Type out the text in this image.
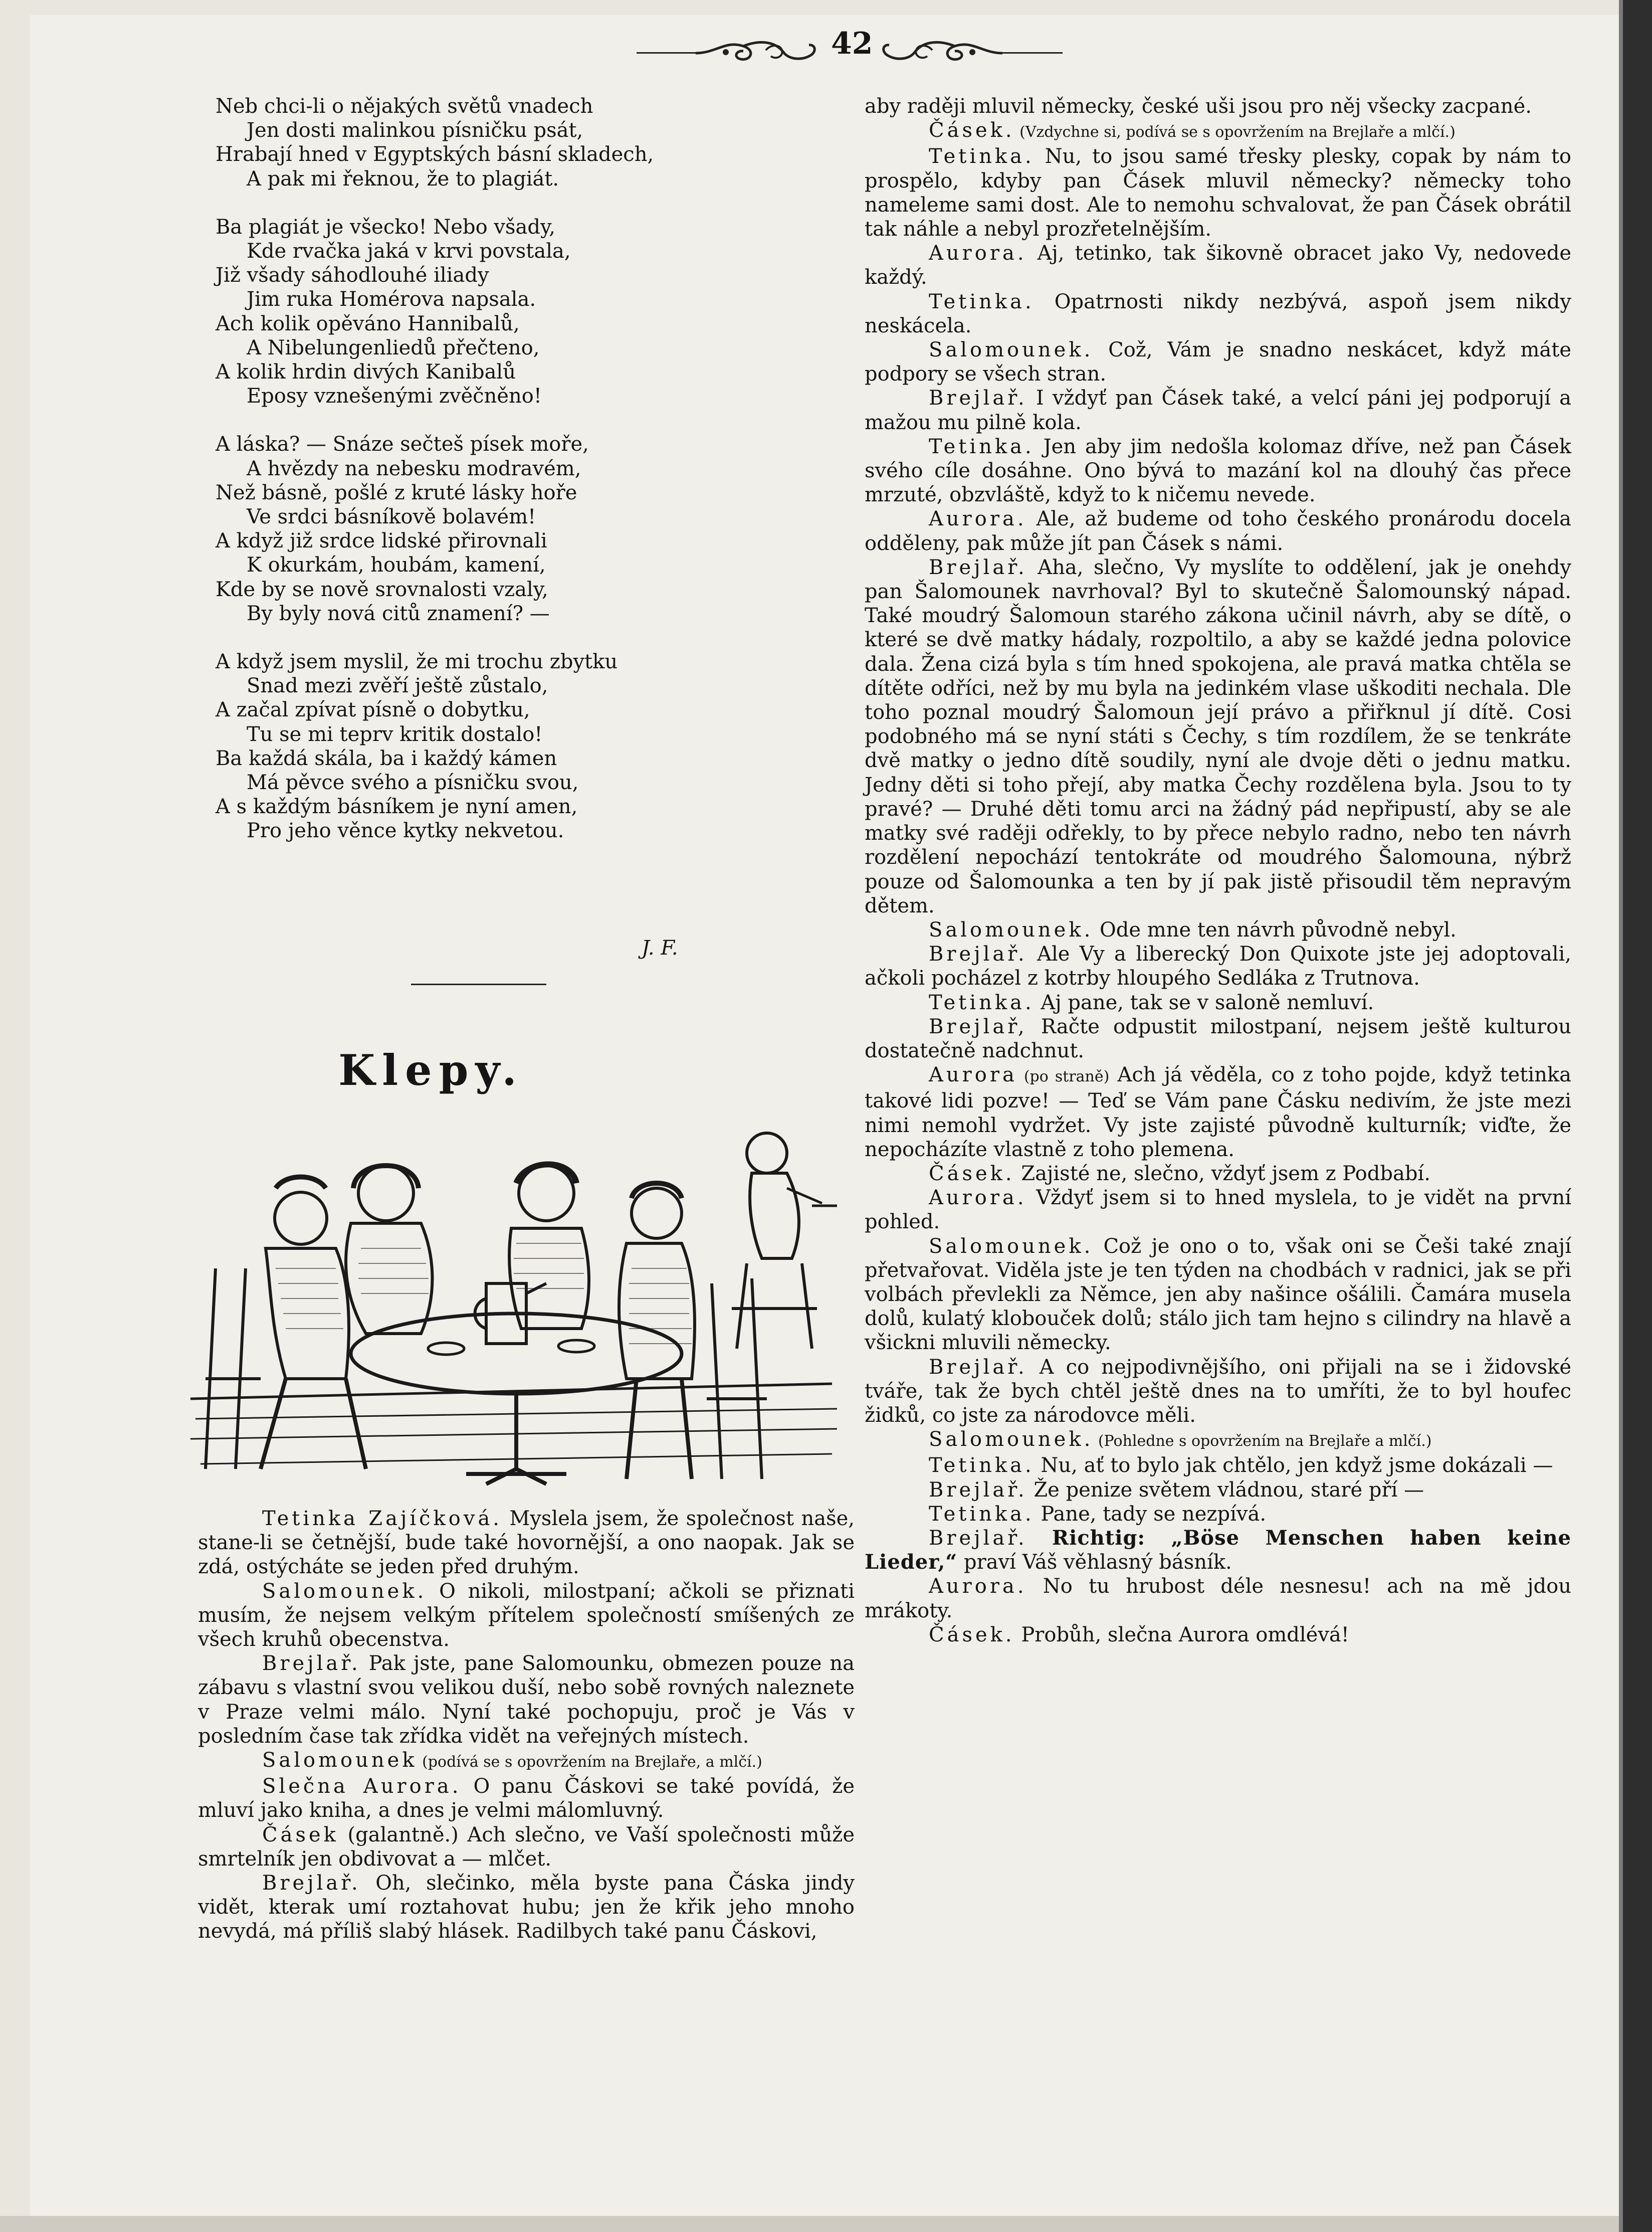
42
Neb chci-li o nějakých světů vnadech
Jen dosti malinkou písničku psát,
Hrabají hned v Egyptských básní skladech,
A pak mi řeknou, že to plagiát.
Ba plagiát je všecko! Nebo všady,
Kde rvačka jaká v krvi povstala,
Již všady sáhodlouhé iliady
Jim ruka Homérova napsala.
Ach kolik opěváno Hannibalů,
A Nibelungenliedů přečteno,
A kolik hrdin divých Kanibalů
Eposy vznešenými zvěčněno!
A láska? — Snáze sečteš písek moře,
A hvězdy na nebesku modravém,
Než básně, pošlé z kruté lásky hoře
Ve srdci básníkově bolavém!
A když již srdce lidské přirovnali
K okurkám, houbám, kamení,
Kde by se nově srovnalosti vzaly,
By byly nová citů znamení? —
A když jsem myslil, že mi trochu zbytku
Snad mezi zvěří ještě zůstalo,
A začal zpívat písně o dobytku,
Tu se mi teprv kritik dostalo!
Ba každá skála, ba i každý kámen
Má pěvce svého a písničku svou,
A s každým básníkem je nyní amen,
Pro jeho věnce kytky nekvetou.
J. F.
Klepy.

Tetinka Zajíčková. Myslela jsem, že společnost naše, stane-li se četnější, bude také hovornější, a ono naopak. Jak se zdá, ostýcháte se jeden před druhým.

Salomounek. O nikoli, milostpaní; ačkoli se přiznati musím, že nejsem velkým přítelem společností smíšených ze všech kruhů obecenstva.

Brejlař. Pak jste, pane Salomounku, obmezen pouze na zábavu s vlastní svou velikou duší, nebo sobě rovných naleznete v Praze velmi málo. Nyní také pochopuju, proč je Vás v posledním čase tak zřídka vidět na veřejných místech.

Salomounek (podívá se s opovržením na Brejlaře, a mlčí.)

Slečna Aurora. O panu Čáskovi se také povídá, že mluví jako kniha, a dnes je velmi málomluvný.

Čásek (galantně.) Ach slečno, ve Vaší společnosti může smrtelník jen obdivovat a — mlčet.

Brejlař. Oh, slečinko, měla byste pana Čáska jindy vidět, kterak umí roztahovat hubu; jen že křik jeho mnoho nevydá, má příliš slabý hlásek. Radilbych také panu Čáskovi,

aby raději mluvil německy, české uši jsou pro něj všecky zacpané.

Čásek. (Vzdychne si, podívá se s opovržením na Brejlaře a mlčí.)

Tetinka. Nu, to jsou samé třesky plesky, copak by nám to prospělo, kdyby pan Čásek mluvil německy? německy toho nameleme sami dost. Ale to nemohu schvalovat, že pan Čásek obrátil tak náhle a nebyl prozřetelnějším.

Aurora. Aj, tetinko, tak šikovně obracet jako Vy, nedovede každý.

Tetinka. Opatrnosti nikdy nezbývá, aspoň jsem nikdy neskácela.

Salomounek. Což, Vám je snadno neskácet, když máte podpory se všech stran.

Brejlař. I vždyť pan Čásek také, a velcí páni jej podporují a mažou mu pilně kola.

Tetinka. Jen aby jim nedošla kolomaz dříve, než pan Čásek svého cíle dosáhne. Ono bývá to mazání kol na dlouhý čas přece mrzuté, obzvláště, když to k ničemu nevede.

Aurora. Ale, až budeme od toho českého pronárodu docela odděleny, pak může jít pan Čásek s námi.

Brejlař. Aha, slečno, Vy myslíte to oddělení, jak je onehdy pan Šalomounek navrhoval? Byl to skutečně Šalomounský nápad. Také moudrý Šalomoun starého zákona učinil návrh, aby se dítě, o které se dvě matky hádaly, rozpoltilo, a aby se každé jedna polovice dala. Žena cizá byla s tím hned spokojena, ale pravá matka chtěla se dítěte odříci, než by mu byla na jedinkém vlase uškoditi nechala. Dle toho poznal moudrý Šalomoun její právo a přiřknul jí dítě. Cosi podobného má se nyní státi s Čechy, s tím rozdílem, že se tenkráte dvě matky o jedno dítě soudily, nyní ale dvoje děti o jednu matku. Jedny děti si toho přejí, aby matka Čechy rozdělena byla. Jsou to ty pravé? — Druhé děti tomu arci na žádný pád nepřipustí, aby se ale matky své raději odřekly, to by přece nebylo radno, nebo ten návrh rozdělení nepochází tentokráte od moudrého Šalomouna, nýbrž pouze od Šalomounka a ten by jí pak jistě přisoudil těm nepravým dětem.

Salomounek. Ode mne ten návrh původně nebyl.

Brejlař. Ale Vy a liberecký Don Quixote jste jej adoptovali, ačkoli pocházel z kotrby hloupého Sedláka z Trutnova.

Tetinka. Aj pane, tak se v saloně nemluví.

Brejlař, Račte odpustit milostpaní, nejsem ještě kulturou dostatečně nadchnut.

Aurora (po straně) Ach já věděla, co z toho pojde, když tetinka takové lidi pozve! — Teď se Vám pane Čásku nedivím, že jste mezi nimi nemohl vydržet. Vy jste zajisté původně kulturník; viďte, že nepocházíte vlastně z toho plemena.

Čásek. Zajisté ne, slečno, vždyť jsem z Podbabí.

Aurora. Vždyť jsem si to hned myslela, to je vidět na první pohled.

Salomounek. Což je ono o to, však oni se Češi také znají přetvařovat. Viděla jste je ten týden na chodbách v radnici, jak se při volbách převlekli za Němce, jen aby našince ošálili. Čamára musela dolů, kulatý klobouček dolů; stálo jich tam hejno s cilindry na hlavě a všickni mluvili německy.

Brejlař. A co nejpodivnějšího, oni přijali na se i židovské tváře, tak že bych chtěl ještě dnes na to umříti, že to byl houfec židků, co jste za národovce měli.

Salomounek. (Pohledne s opovržením na Brejlaře a mlčí.)

Tetinka. Nu, ať to bylo jak chtělo, jen když jsme dokázali —

Brejlař. Že penize světem vládnou, staré pří —

Tetinka. Pane, tady se nezpívá.

Brejlař. Richtig: „Böse Menschen haben keine Lieder,“ praví Váš věhlasný básník.

Aurora. No tu hrubost déle nesnesu! ach na mě jdou mrákoty.

Čásek. Probůh, slečna Aurora omdlévá!
